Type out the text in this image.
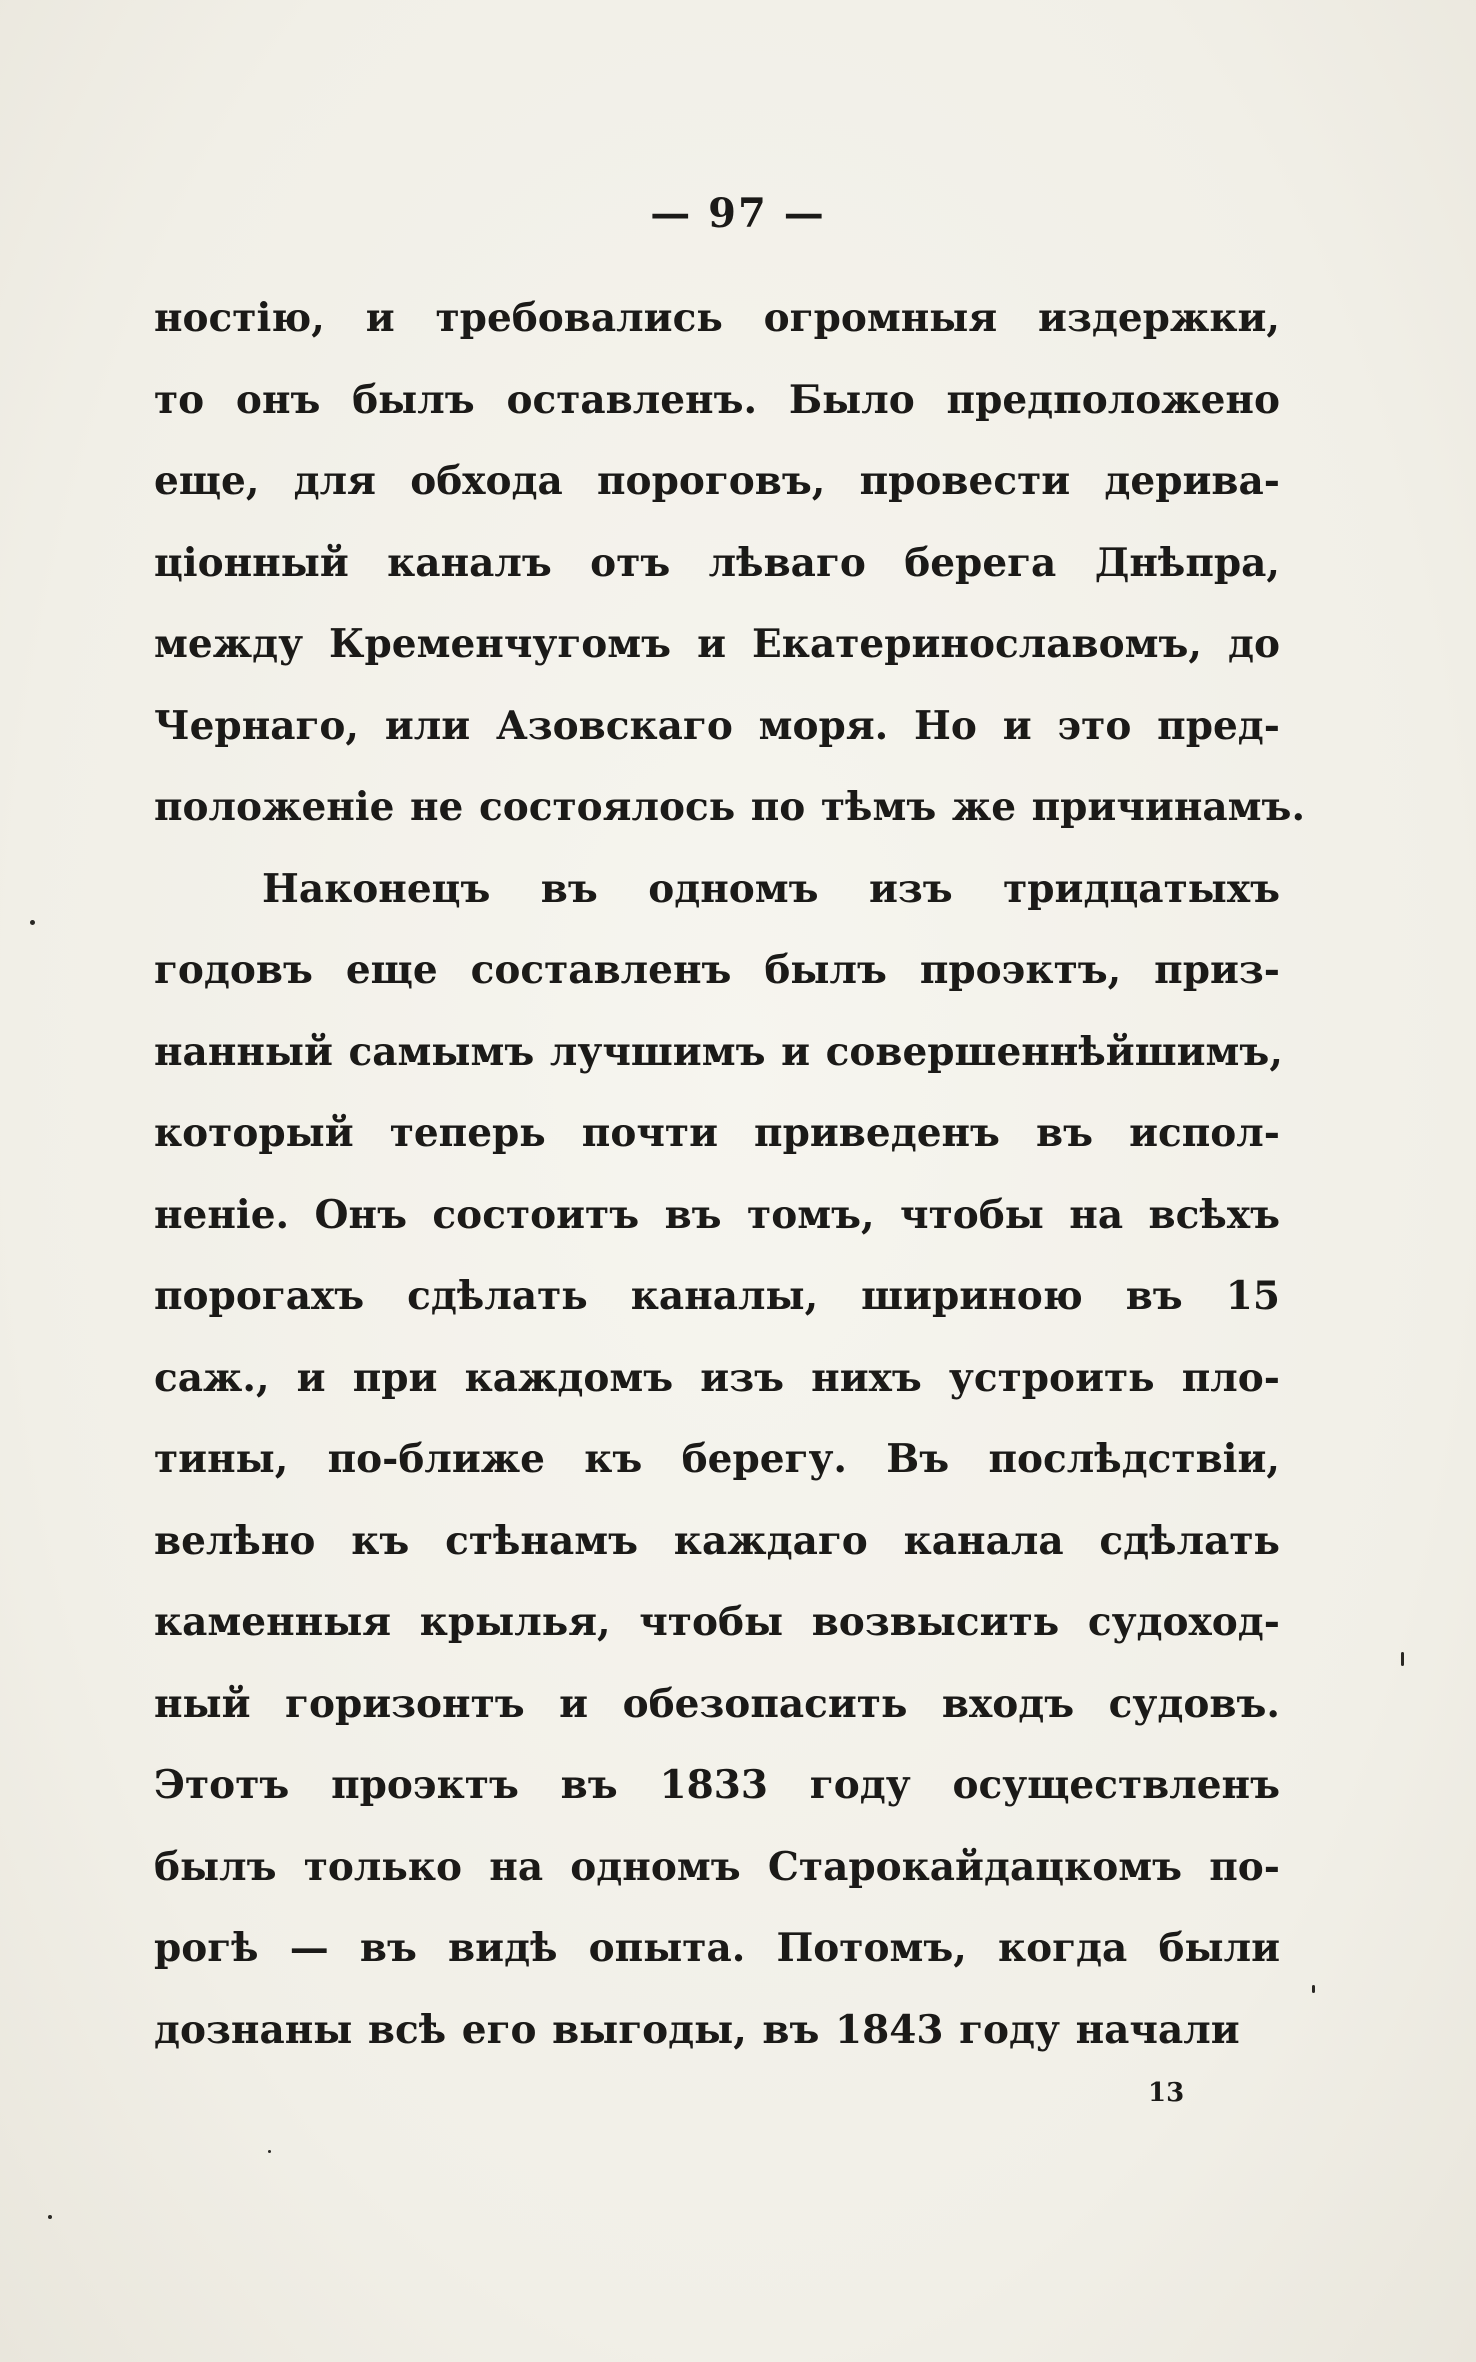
— 97 —
ностію, и требовались огромныя издержки,
то онъ былъ оставленъ. Было предположено
еще, для обхода пороговъ, провести дерива-
ціонный каналъ отъ лѣваго берега Днѣпра,
между Кременчугомъ и Екатеринославомъ, до
Чернаго, или Азовскаго моря. Но и это пред-
положеніе не состоялось по тѣмъ же причинамъ.
Наконецъ въ одномъ изъ тридцатыхъ
годовъ еще составленъ былъ проэктъ, приз-
нанный самымъ лучшимъ и совершеннѣйшимъ,
который теперь почти приведенъ въ испол-
неніе. Онъ состоитъ въ томъ, чтобы на всѣхъ
порогахъ сдѣлать каналы, шириною въ 15
саж., и при каждомъ изъ нихъ устроить пло-
тины, по-ближе къ берегу. Въ послѣдствіи,
велѣно къ стѣнамъ каждаго канала сдѣлать
каменныя крылья, чтобы возвысить судоход-
ный горизонтъ и обезопасить входъ судовъ.
Этотъ проэктъ въ 1833 году осуществленъ
былъ только на одномъ Старокайдацкомъ по-
рогѣ — въ видѣ опыта. Потомъ, когда были
дознаны всѣ его выгоды, въ 1843 году начали
13
